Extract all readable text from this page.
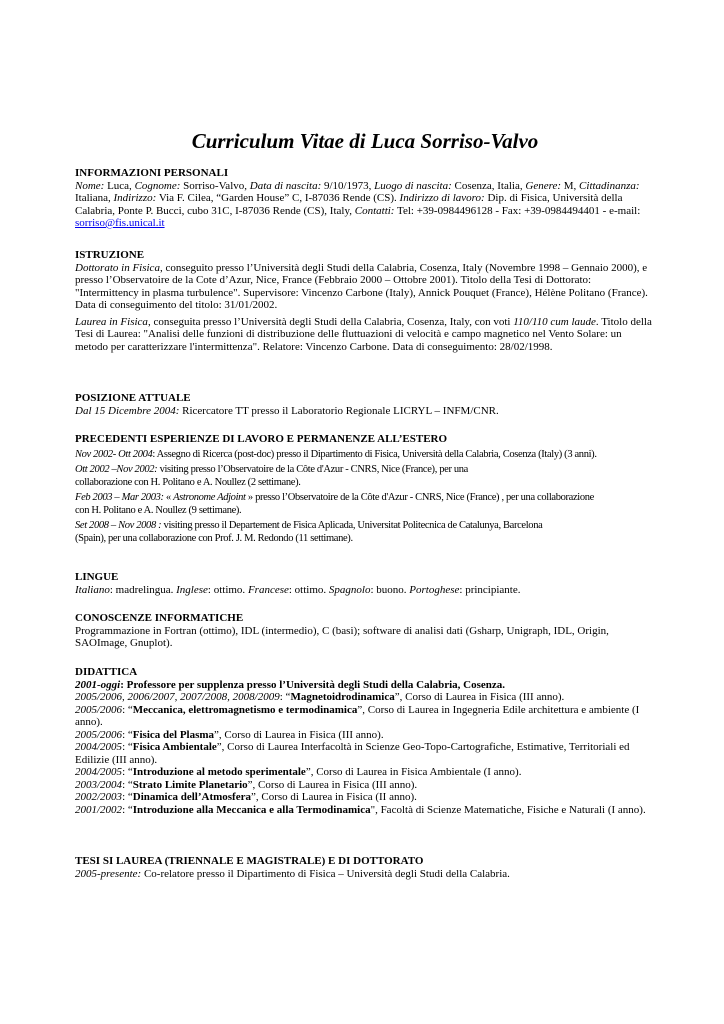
Curriculum Vitae di Luca Sorriso-Valvo
INFORMAZIONI PERSONALI

Nome: Luca, Cognome: Sorriso-Valvo, Data di nascita: 9/10/1973, Luogo di nascita: Cosenza, Italia, Genere: M, Cittadinanza: Italiana, Indirizzo: Via F. Cilea, “Garden House” C, I-87036 Rende (CS). Indirizzo di lavoro: Dip. di Fisica, Università della Calabria, Ponte P. Bucci, cubo 31C, I-87036 Rende (CS), Italy, Contatti: Tel: +39-0984496128 - Fax: +39-0984494401 - e-mail: sorriso@fis.unical.it

ISTRUZIONE

Dottorato in Fisica, conseguito presso l’Università degli Studi della Calabria, Cosenza, Italy (Novembre 1998 – Gennaio 2000), e presso l’Observatoire de la Cote d’Azur, Nice, France (Febbraio 2000 – Ottobre 2001). Titolo della Tesi di Dottorato: "Intermittency in plasma turbulence". Supervisore: Vincenzo Carbone (Italy), Annick Pouquet (France), Hélène Politano (France). Data di conseguimento del titolo: 31/01/2002.

Laurea in Fisica, conseguita presso l’Università degli Studi della Calabria, Cosenza, Italy, con voti 110/110 cum laude. Titolo della Tesi di Laurea: "Analisi delle funzioni di distribuzione delle fluttuazioni di velocità e campo magnetico nel Vento Solare: un metodo per caratterizzare l'intermittenza". Relatore: Vincenzo Carbone. Data di conseguimento: 28/02/1998.

POSIZIONE ATTUALE

Dal 15 Dicembre 2004: Ricercatore TT presso il Laboratorio Regionale LICRYL – INFM/CNR.

PRECEDENTI ESPERIENZE DI LAVORO E PERMANENZE ALL’ESTERO

Nov 2002- Ott 2004: Assegno di Ricerca (post-doc) presso il Dipartimento di Fisica, Università della Calabria, Cosenza (Italy) (3 anni).

Ott 2002 –Nov 2002: visiting presso l’Observatoire de la Côte d'Azur - CNRS, Nice (France), per una
collaborazione con H. Politano e A. Noullez (2 settimane).

Feb 2003 – Mar 2003: « Astronome Adjoint » presso l’Observatoire de la Côte d'Azur - CNRS, Nice (France) , per una collaborazione
con H. Politano e A. Noullez (9 settimane).

Set 2008 – Nov 2008 : visiting presso il Departement de Fisica Aplicada, Universitat Politecnica de Catalunya, Barcelona
(Spain), per una collaborazione con Prof. J. M. Redondo (11 settimane).

LINGUE

Italiano: madrelingua. Inglese: ottimo. Francese: ottimo. Spagnolo: buono. Portoghese: principiante.

CONOSCENZE INFORMATICHE

Programmazione in Fortran (ottimo), IDL (intermedio), C (basi); software di analisi dati (Gsharp, Unigraph, IDL, Origin, SAOImage, Gnuplot).

DIDATTICA

2001-oggi: Professore per supplenza presso l’Università degli Studi della Calabria, Cosenza.

2005/2006, 2006/2007, 2007/2008, 2008/2009: “Magnetoidrodinamica”, Corso di Laurea in Fisica (III anno).

2005/2006: “Meccanica, elettromagnetismo e termodinamica”, Corso di Laurea in Ingegneria Edile architettura e ambiente (I anno).

2005/2006: “Fisica del Plasma”, Corso di Laurea in Fisica (III anno).

2004/2005: “Fisica Ambientale”, Corso di Laurea Interfacoltà in Scienze Geo-Topo-Cartografiche, Estimative, Territoriali ed Edilizie (III anno).

2004/2005: “Introduzione al metodo sperimentale”, Corso di Laurea in Fisica Ambientale (I anno).

2003/2004: “Strato Limite Planetario”, Corso di Laurea in Fisica (III anno).

2002/2003: “Dinamica dell’Atmosfera”, Corso di Laurea in Fisica (II anno).

2001/2002: “Introduzione alla Meccanica e alla Termodinamica", Facoltà di Scienze Matematiche, Fisiche e Naturali (I anno).

TESI SI LAUREA (TRIENNALE E MAGISTRALE) E DI DOTTORATO

2005-presente: Co-relatore presso il Dipartimento di Fisica – Università degli Studi della Calabria.
